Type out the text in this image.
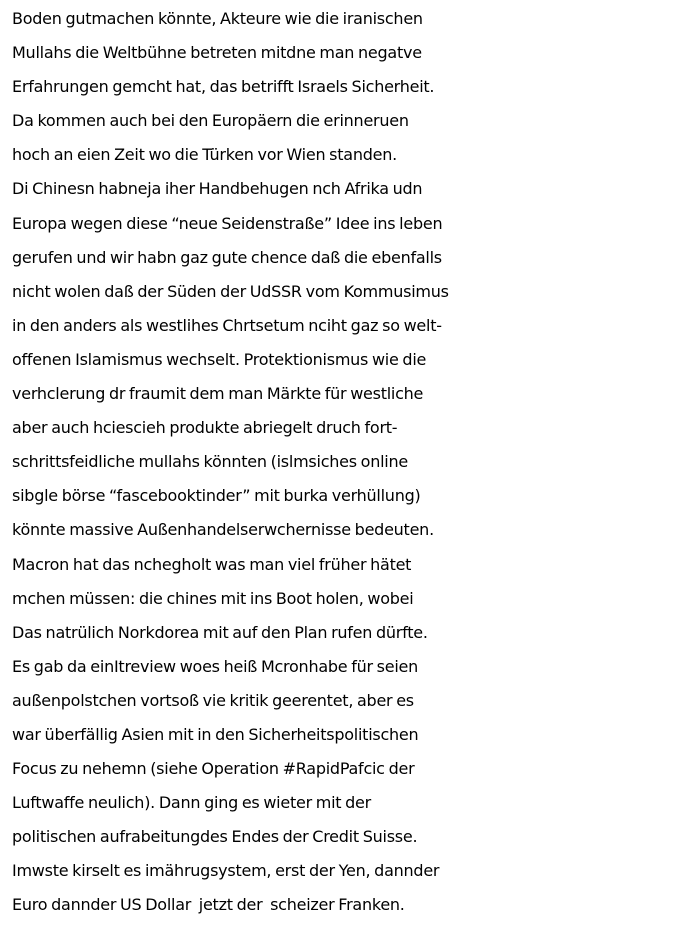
Boden gutmachen könnte, Akteure wie die iranischen
Mullahs die Weltbühne betreten mitdne man negatve
Erfahrungen gemcht hat, das betrifft Israels Sicherheit.
Da kommen auch bei den Europäern die erinneruen
hoch an eien Zeit wo die Türken vor Wien standen.
Di Chinesn habneja iher Handbehugen nch Afrika udn
Europa wegen diese “neue Seidenstraße” Idee ins leben
gerufen und wir habn gaz gute chence daß die ebenfalls
nicht wolen daß der Süden der UdSSR vom Kommusimus
in den anders als westlihes Chrtsetum nciht gaz so welt-
offenen Islamismus wechselt. Protektionismus wie die
verhclerung dr fraumit dem man Märkte für westliche
aber auch hciescieh produkte abriegelt druch fort-
schrittsfeidliche mullahs könnten (islmsiches online
sibgle börse “fascebooktinder” mit burka verhüllung)
könnte massive Außenhandelserwchernisse bedeuten.
Macron hat das nchegholt was man viel früher hätet
mchen müssen: die chines mit ins Boot holen, wobei
Das natrülich Norkdorea mit auf den Plan rufen dürfte.
Es gab da einItreview woes heiß Mcronhabe für seien
außenpolstchen vortsoß vie kritik geerentet, aber es
war überfällig Asien mit in den Sicherheitspolitischen
Focus zu nehemn (siehe Operation #RapidPafcic der
Luftwaffe neulich). Dann ging es wieter mit der
politischen aufrabeitungdes Endes der Credit Suisse.
Imwste kirselt es imährugsystem, erst der Yen, dannder
Euro dannder US Dollar  jetzt der  scheizer Franken.
